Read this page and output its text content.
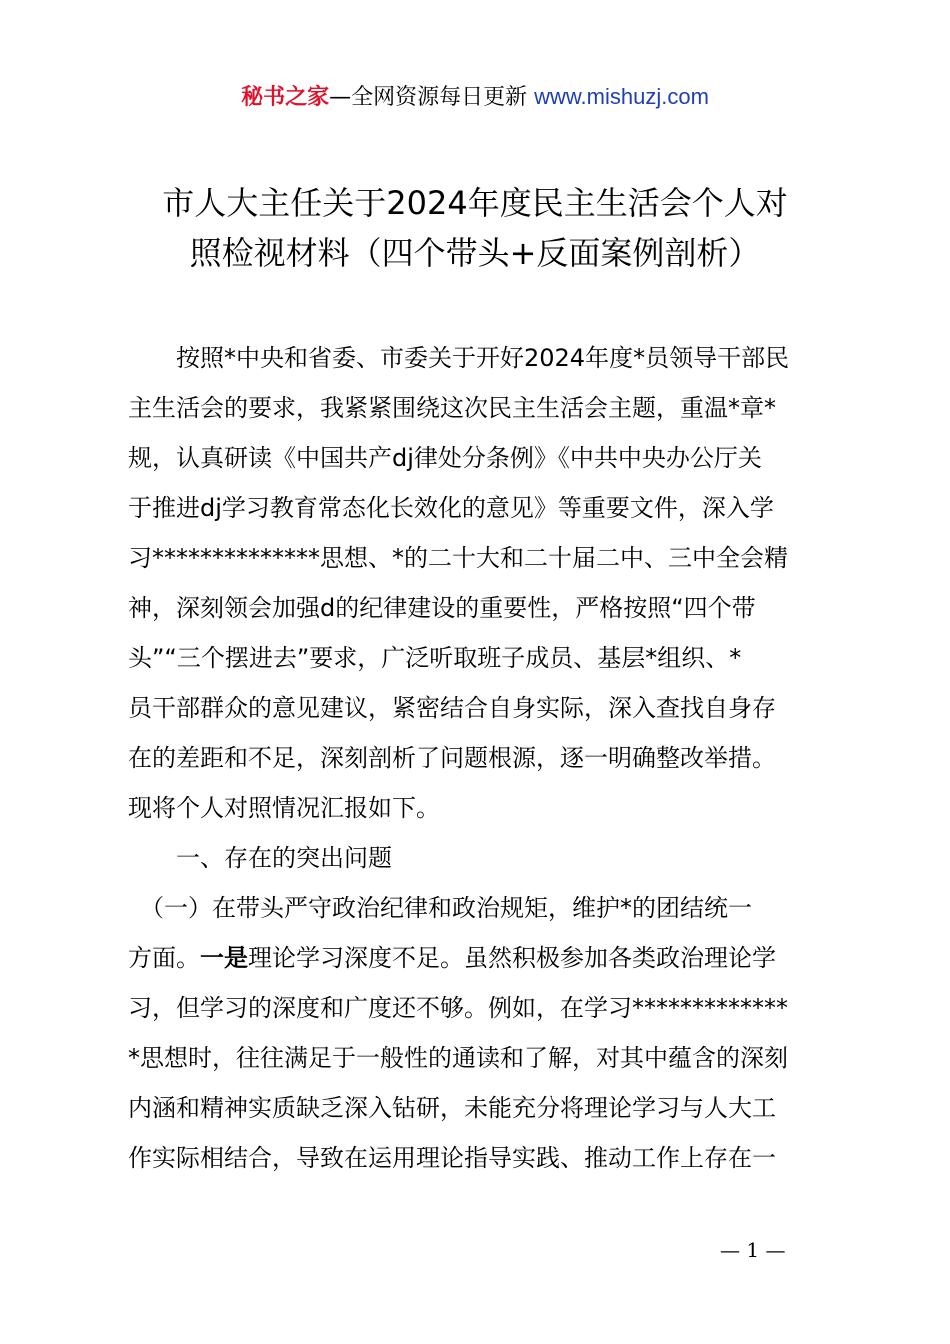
秘书之家—全网资源每日更新 www.mishuzj.com
市人大主任关于2024年度民主生活会个人对
照检视材料（四个带头+反面案例剖析）
　　按照*中央和省委、市委关于开好2024年度*员领导干部民
主生活会的要求，我紧紧围绕这次民主生活会主题，重温*章*
规，认真研读《中国共产dj律处分条例》《中共中央办公厅关
于推进dj学习教育常态化长效化的意见》等重要文件，深入学
习**************思想、*的二十大和二十届二中、三中全会精
神，深刻领会加强d的纪律建设的重要性，严格按照“四个带
头”“三个摆进去”要求，广泛听取班子成员、基层*组织、*
员干部群众的意见建议，紧密结合自身实际，深入查找自身存
在的差距和不足，深刻剖析了问题根源，逐一明确整改举措。
现将个人对照情况汇报如下。
　　一、存在的突出问题
　（一）在带头严守政治纪律和政治规矩，维护*的团结统一
方面。一是理论学习深度不足。虽然积极参加各类政治理论学
习，但学习的深度和广度还不够。例如，在学习*************
*思想时，往往满足于一般性的通读和了解，对其中蕴含的深刻
内涵和精神实质缺乏深入钻研，未能充分将理论学习与人大工
作实际相结合，导致在运用理论指导实践、推动工作上存在一
— 1 —
